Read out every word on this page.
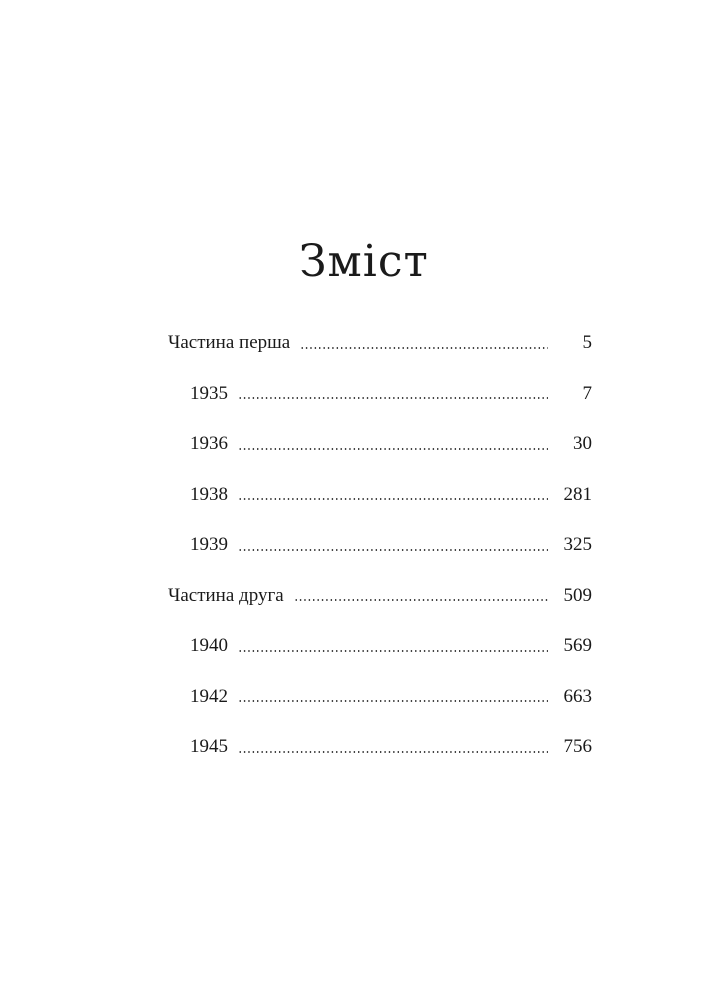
Зміст
Частина перша	5
1935	7
1936	30
1938	281
1939	325
Частина друга	509
1940	569
1942	663
1945	756
